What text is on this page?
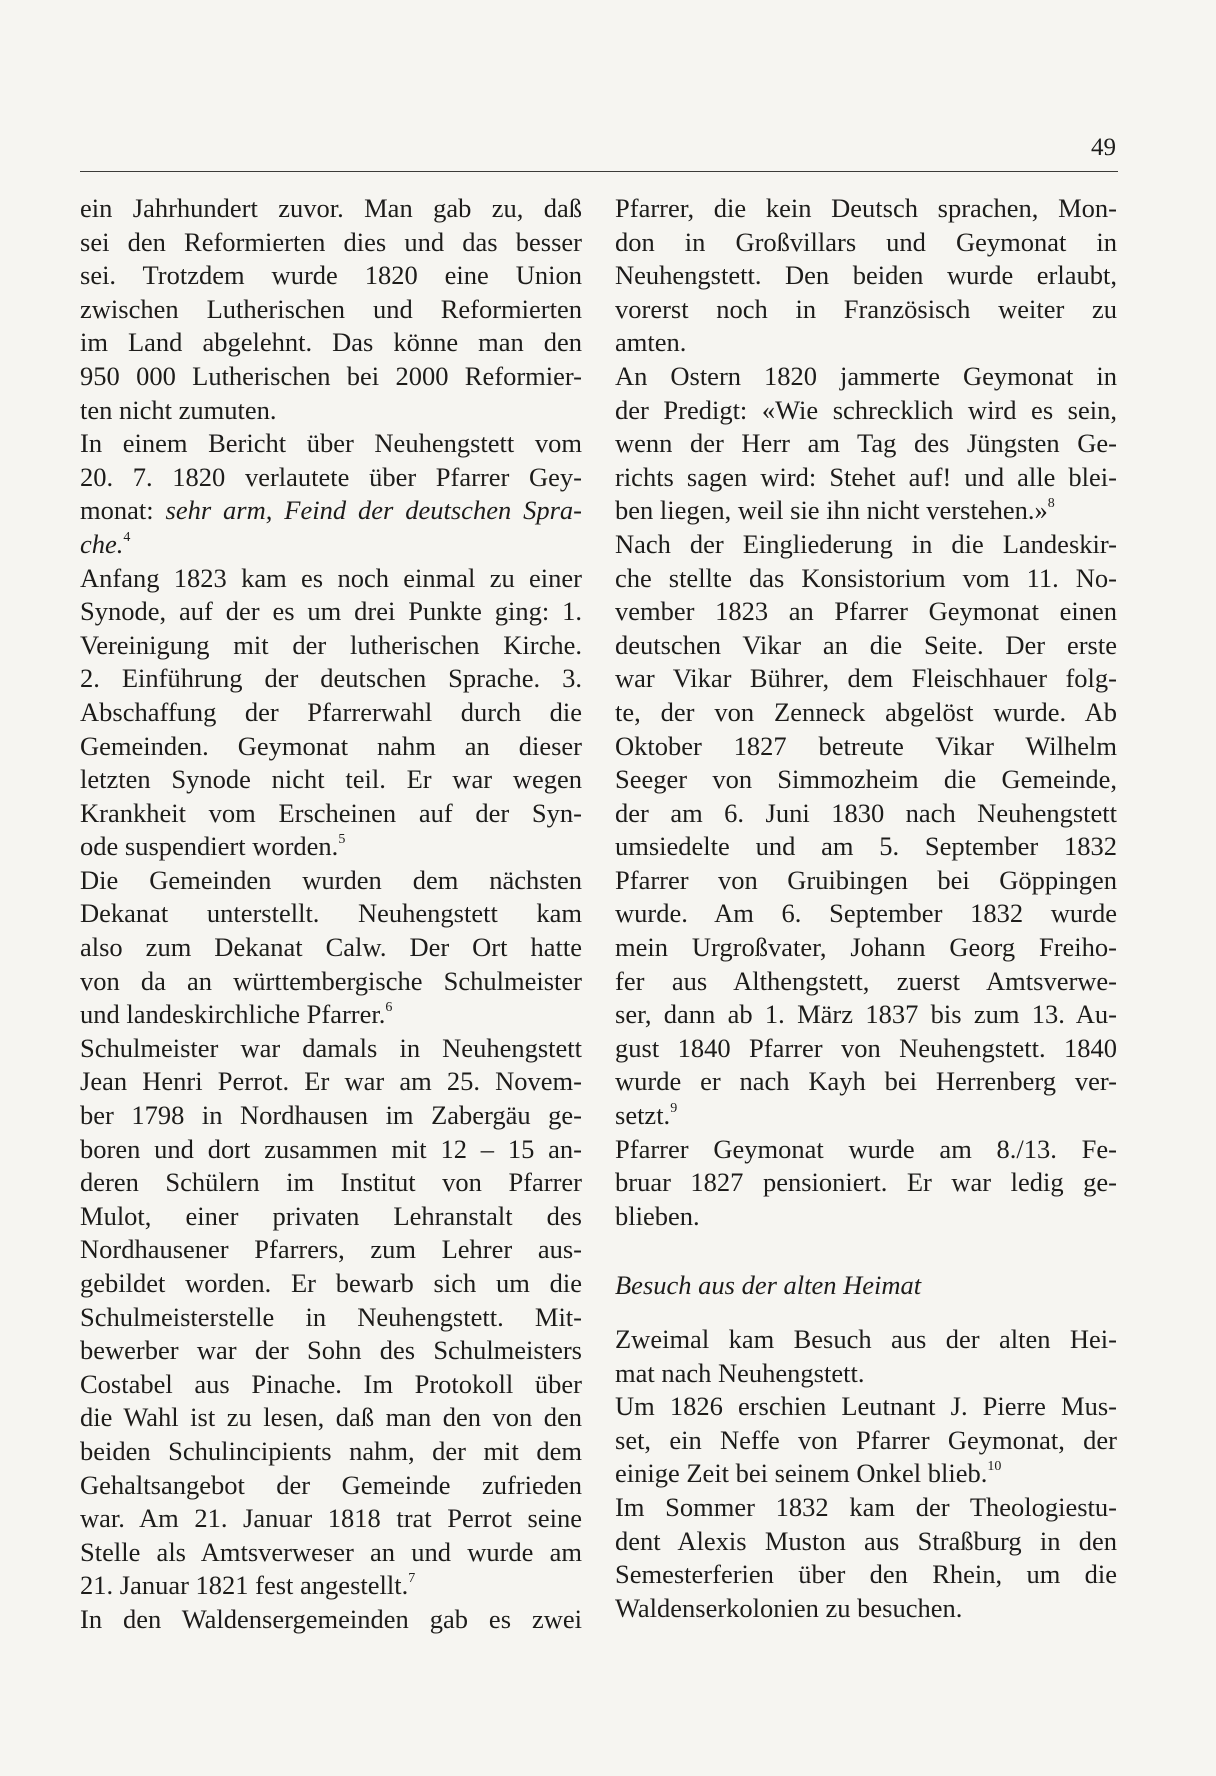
49

ein Jahrhundert zuvor. Man gab zu, daß

sei den Reformierten dies und das besser

sei. Trotzdem wurde 1820 eine Union

zwischen Lutherischen und Reformierten

im Land abgelehnt. Das könne man den

950 000 Lutherischen bei 2000 Reformier-

ten nicht zumuten.

In einem Bericht über Neuhengstett vom

20. 7. 1820 verlautete über Pfarrer Gey-

monat: sehr arm, Feind der deutschen Spra-

che.$^4$

Anfang 1823 kam es noch einmal zu einer

Synode, auf der es um drei Punkte ging: 1.

Vereinigung mit der lutherischen Kirche.

2. Einführung der deutschen Sprache. 3.

Abschaffung der Pfarrerwahl durch die

Gemeinden. Geymonat nahm an dieser

letzten Synode nicht teil. Er war wegen

Krankheit vom Erscheinen auf der Syn-

ode suspendiert worden.$^5$

Die Gemeinden wurden dem nächsten

Dekanat unterstellt. Neuhengstett kam

also zum Dekanat Calw. Der Ort hatte

von da an württembergische Schulmeister

und landeskirchliche Pfarrer.$^6$

Schulmeister war damals in Neuhengstett

Jean Henri Perrot. Er war am 25. Novem-

ber 1798 in Nordhausen im Zabergäu ge-

boren und dort zusammen mit 12 – 15 an-

deren Schülern im Institut von Pfarrer

Mulot, einer privaten Lehranstalt des

Nordhausener Pfarrers, zum Lehrer aus-

gebildet worden. Er bewarb sich um die

Schulmeisterstelle in Neuhengstett. Mit-

bewerber war der Sohn des Schulmeisters

Costabel aus Pinache. Im Protokoll über

die Wahl ist zu lesen, daß man den von den

beiden Schulincipients nahm, der mit dem

Gehaltsangebot der Gemeinde zufrieden

war. Am 21. Januar 1818 trat Perrot seine

Stelle als Amtsverweser an und wurde am

21. Januar 1821 fest angestellt.$^7$

In den Waldensergemeinden gab es zwei

Pfarrer, die kein Deutsch sprachen, Mon-

don in Großvillars und Geymonat in

Neuhengstett. Den beiden wurde erlaubt,

vorerst noch in Französisch weiter zu

amten.

An Ostern 1820 jammerte Geymonat in

der Predigt: «Wie schrecklich wird es sein,

wenn der Herr am Tag des Jüngsten Ge-

richts sagen wird: Stehet auf! und alle blei-

ben liegen, weil sie ihn nicht verstehen.»$^8$

Nach der Eingliederung in die Landeskir-

che stellte das Konsistorium vom 11. No-

vember 1823 an Pfarrer Geymonat einen

deutschen Vikar an die Seite. Der erste

war Vikar Bührer, dem Fleischhauer folg-

te, der von Zenneck abgelöst wurde. Ab

Oktober 1827 betreute Vikar Wilhelm

Seeger von Simmozheim die Gemeinde,

der am 6. Juni 1830 nach Neuhengstett

umsiedelte und am 5. September 1832

Pfarrer von Gruibingen bei Göppingen

wurde. Am 6. September 1832 wurde

mein Urgroßvater, Johann Georg Freiho-

fer aus Althengstett, zuerst Amtsverwe-

ser, dann ab 1. März 1837 bis zum 13. Au-

gust 1840 Pfarrer von Neuhengstett. 1840

wurde er nach Kayh bei Herrenberg ver-

setzt.$^9$

Pfarrer Geymonat wurde am 8./13. Fe-

bruar 1827 pensioniert. Er war ledig ge-

blieben.

Besuch aus der alten Heimat

Zweimal kam Besuch aus der alten Hei-

mat nach Neuhengstett.

Um 1826 erschien Leutnant J. Pierre Mus-

set, ein Neffe von Pfarrer Geymonat, der

einige Zeit bei seinem Onkel blieb.$^{10}$

Im Sommer 1832 kam der Theologiestu-

dent Alexis Muston aus Straßburg in den

Semesterferien über den Rhein, um die

Waldenserkolonien zu besuchen.
